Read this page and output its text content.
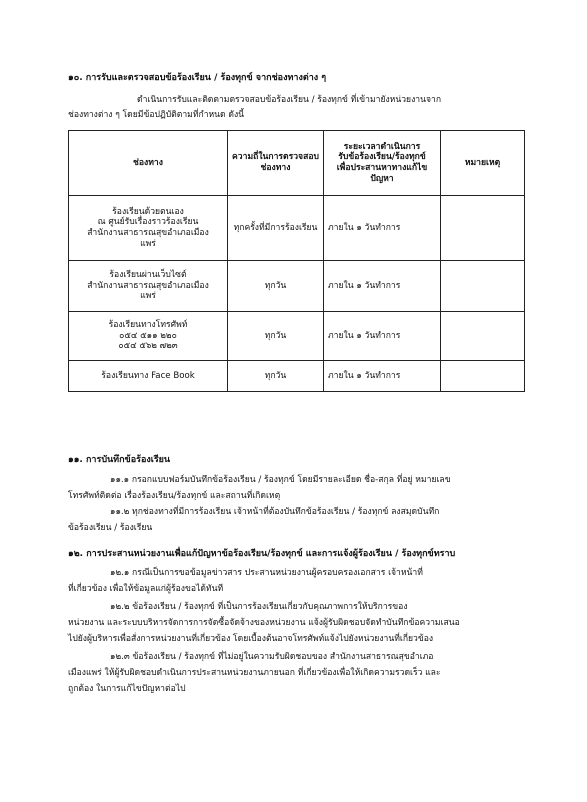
๑๐. การรับและตรวจสอบข้อร้องเรียน / ร้องทุกข์ จากช่องทางต่าง ๆ
ดำเนินการรับและติดตามตรวจสอบข้อร้องเรียน / ร้องทุกข์ ที่เข้ามายังหน่วยงานจาก
ช่องทางต่าง ๆ โดยมีข้อปฏิบัติตามที่กำหนด ดังนี้
ช่องทาง	ความถี่ในการตรวจสอบช่องทาง	ระยะเวลาดำเนินการ
รับข้อร้องเรียน/ร้องทุกข์
เพื่อประสานหาทางแก้ไข
ปัญหา	หมายเหตุ

ร้องเรียนด้วยตนเอง
ณ ศูนย์รับเรื่องราวร้องเรียน
สำนักงานสาธารณสุขอำเภอเมือง
แพร่	ทุกครั้งที่มีการร้องเรียน	ภายใน ๑ วันทำการ	

ร้องเรียนผ่านเว็บไซต์
สำนักงานสาธารณสุขอำเภอเมือง
แพร่	ทุกวัน	ภายใน ๑ วันทำการ	

ร้องเรียนทางโทรศัพท์
๐๕๔ ๕๑๑ ๒๒๐
๐๕๔ ๕๖๒ ๗๒๓	ทุกวัน	ภายใน ๑ วันทำการ	

ร้องเรียนทาง Face Book	ทุกวัน	ภายใน ๑ วันทำการ	
๑๑. การบันทึกข้อร้องเรียน
๑๑.๑ กรอกแบบฟอร์มบันทึกข้อร้องเรียน / ร้องทุกข์ โดยมีรายละเอียด ชื่อ-สกุล ที่อยู่ หมายเลข
โทรศัพท์ติดต่อ เรื่องร้องเรียน/ร้องทุกข์ และสถานที่เกิดเหตุ
๑๑.๒ ทุกช่องทางที่มีการร้องเรียน เจ้าหน้าที่ต้องบันทึกข้อร้องเรียน / ร้องทุกข์ ลงสมุดบันทึก
ข้อร้องเรียน / ร้องเรียน
๑๒. การประสานหน่วยงานเพื่อแก้ปัญหาข้อร้องเรียน/ร้องทุกข์ และการแจ้งผู้ร้องเรียน / ร้องทุกข์ทราบ
๑๒.๑ กรณีเป็นการขอข้อมูลข่าวสาร ประสานหน่วยงานผู้ครอบครองเอกสาร เจ้าหน้าที่
ที่เกี่ยวข้อง เพื่อให้ข้อมูลแก่ผู้ร้องขอได้ทันที
๑๒.๒ ข้อร้องเรียน / ร้องทุกข์ ที่เป็นการร้องเรียนเกี่ยวกับคุณภาพการให้บริการของ
หน่วยงาน และระบบบริหารจัดการการจัดซื้อจัดจ้างของหน่วยงาน แจ้งผู้รับผิดชอบจัดทำบันทึกข้อความเสนอ
ไปยังผู้บริหารเพื่อสั่งการหน่วยงานที่เกี่ยวข้อง โดยเบื้องต้นอาจโทรศัพท์แจ้งไปยังหน่วยงานที่เกี่ยวข้อง
๑๒.๓ ข้อร้องเรียน / ร้องทุกข์ ที่ไม่อยู่ในความรับผิดชอบของ สำนักงานสาธารณสุขอำเภอ
เมืองแพร่ ให้ผู้รับผิดชอบดำเนินการประสานหน่วยงานภายนอก ที่เกี่ยวข้องเพื่อให้เกิดความรวดเร็ว และ
ถูกต้อง ในการแก้ไขปัญหาต่อไป
